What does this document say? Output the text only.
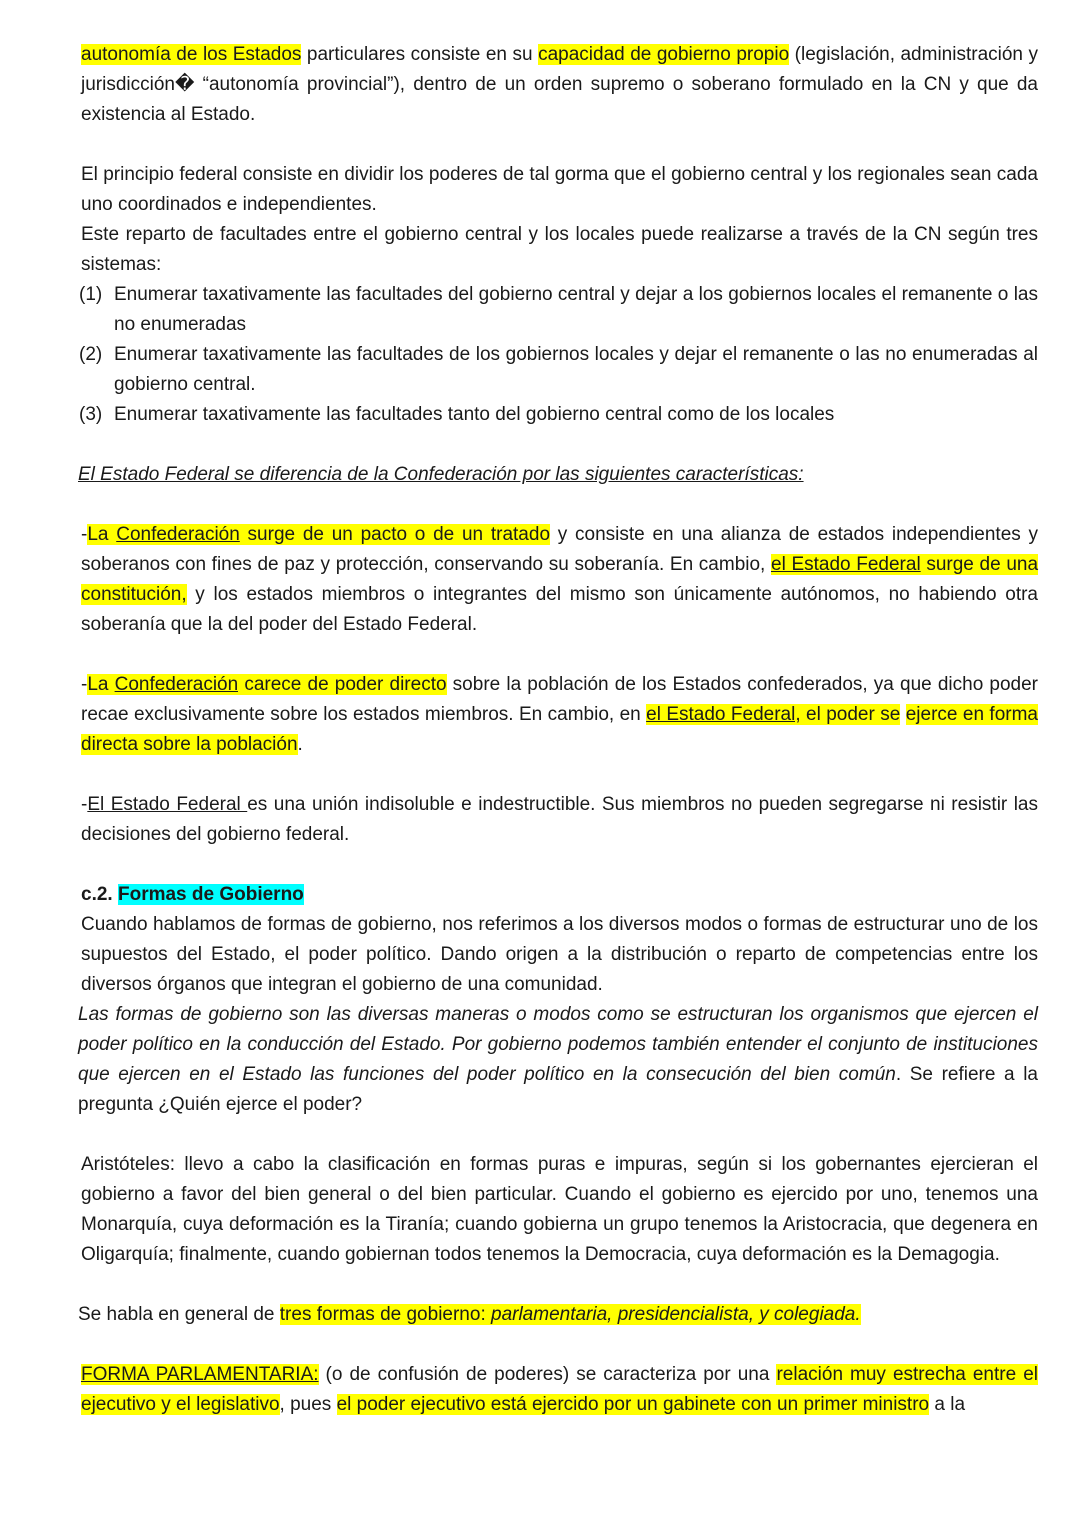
autonomía de los Estados particulares consiste en su capacidad de gobierno propio (legislación, administración y jurisdicción� “autonomía provincial”), dentro de un orden supremo o soberano formulado en la CN y que da existencia al Estado.

El principio federal consiste en dividir los poderes de tal gorma que el gobierno central y los regionales sean cada uno coordinados e independientes.

Este reparto de facultades entre el gobierno central y los locales puede realizarse a través de la CN según tres sistemas:

(1) Enumerar taxativamente las facultades del gobierno central y dejar a los gobiernos locales el remanente o las no enumeradas
(2) Enumerar taxativamente las facultades de los gobiernos locales y dejar el remanente o las no enumeradas al gobierno central.
(3) Enumerar taxativamente las facultades tanto del gobierno central como de los locales

El Estado Federal se diferencia de la Confederación por las siguientes características:

-La Confederación surge de un pacto o de un tratado y consiste en una alianza de estados independientes y soberanos con fines de paz y protección, conservando su soberanía. En cambio, el Estado Federal surge de una constitución, y los estados miembros o integrantes del mismo son únicamente autónomos, no habiendo otra soberanía que la del poder del Estado Federal.

-La Confederación carece de poder directo sobre la población de los Estados confederados, ya que dicho poder recae exclusivamente sobre los estados miembros. En cambio, en el Estado Federal, el poder se ejerce en forma directa sobre la población.

-El Estado Federal es una unión indisoluble e indestructible. Sus miembros no pueden segregarse ni resistir las decisiones del gobierno federal.

c.2. Formas de Gobierno

Cuando hablamos de formas de gobierno, nos referimos a los diversos modos o formas de estructurar uno de los supuestos del Estado, el poder político. Dando origen a la distribución o reparto de competencias entre los diversos órganos que integran el gobierno de una comunidad.

Las formas de gobierno son las diversas maneras o modos como se estructuran los organismos que ejercen el poder político en la conducción del Estado. Por gobierno podemos también entender el conjunto de instituciones que ejercen en el Estado las funciones del poder político en la consecución del bien común. Se refiere a la pregunta ¿Quién ejerce el poder?

Aristóteles: llevo a cabo la clasificación en formas puras e impuras, según si los gobernantes ejercieran el gobierno a favor del bien general o del bien particular. Cuando el gobierno es ejercido por uno, tenemos una Monarquía, cuya deformación es la Tiranía; cuando gobierna un grupo tenemos la Aristocracia, que degenera en Oligarquía; finalmente, cuando gobiernan todos tenemos la Democracia, cuya deformación es la Demagogia.

Se habla en general de tres formas de gobierno: parlamentaria, presidencialista, y colegiada.

FORMA PARLAMENTARIA: (o de confusión de poderes) se caracteriza por una relación muy estrecha entre el ejecutivo y el legislativo, pues el poder ejecutivo está ejercido por un gabinete con un primer ministro a la
